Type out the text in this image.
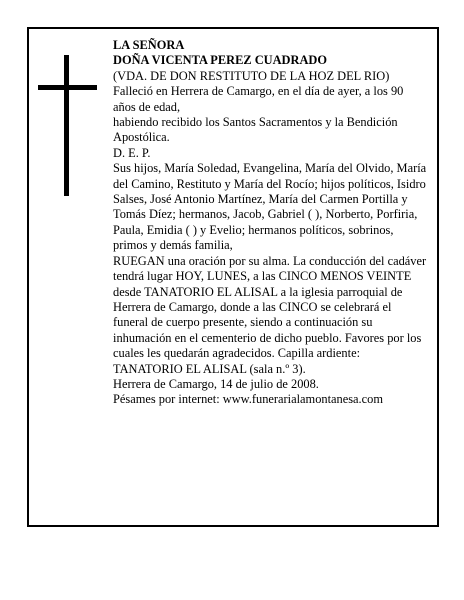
LA SEÑORA

DOÑA VICENTA PEREZ CUADRADO

(VDA. DE DON RESTITUTO DE LA HOZ DEL RIO)

Falleció en Herrera de Camargo, en el día de ayer, a los 90 años de edad,

habiendo recibido los Santos Sacramentos y la Bendición Apostólica.

D. E. P.

Sus hijos, María Soledad, Evangelina, María del Olvido, María del Camino, Restituto y María del Rocío; hijos políticos, Isidro Salses, José Antonio Martínez, María del Carmen Portilla y Tomás Díez; hermanos, Jacob, Gabriel ( ), Norberto, Porfiria, Paula, Emidia ( ) y Evelio; hermanos políticos, sobrinos, primos y demás familia,

RUEGAN una oración por su alma. La conducción del cadáver tendrá lugar HOY, LUNES, a las CINCO MENOS VEINTE desde TANATORIO EL ALISAL a la iglesia parroquial de Herrera de Camargo, donde a las CINCO se celebrará el funeral de cuerpo presente, siendo a continuación su inhumación en el cementerio de dicho pueblo. Favores por los cuales les quedarán agradecidos. Capilla ardiente: TANATORIO EL ALISAL (sala n.º 3).

Herrera de Camargo, 14 de julio de 2008.

Pésames por internet: www.funerarialamontanesa.com
